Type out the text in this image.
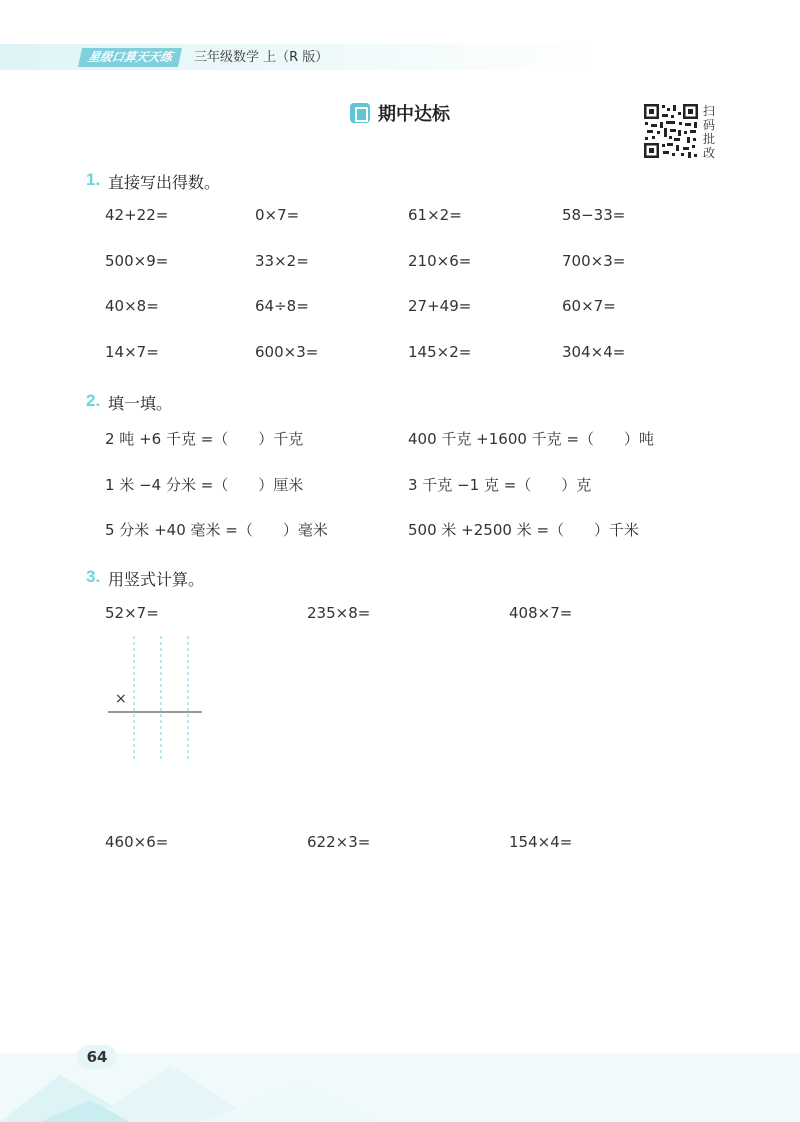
星级口算天天练	三年级数学 上（R 版）
期中达标	扫
码
批
改
1. 直接写出得数。
42+22=	0×7=	61×2=	58−33=
500×9=	33×2=	210×6=	700×3=
40×8=	64÷8=	27+49=	60×7=
14×7=	600×3=	145×2=	304×4=
2. 填一填。
2 吨 +6 千克 =（　　）千克	400 千克 +1600 千克 =（　　）吨
1 米 −4 分米 =（　　）厘米	3 千克 −1 克 =（　　）克
5 分米 +40 毫米 =（　　）毫米	500 米 +2500 米 =（　　）千米
3. 用竖式计算。
52×7=	235×8=	408×7=
×
460×6=	622×3=	154×4=
64
